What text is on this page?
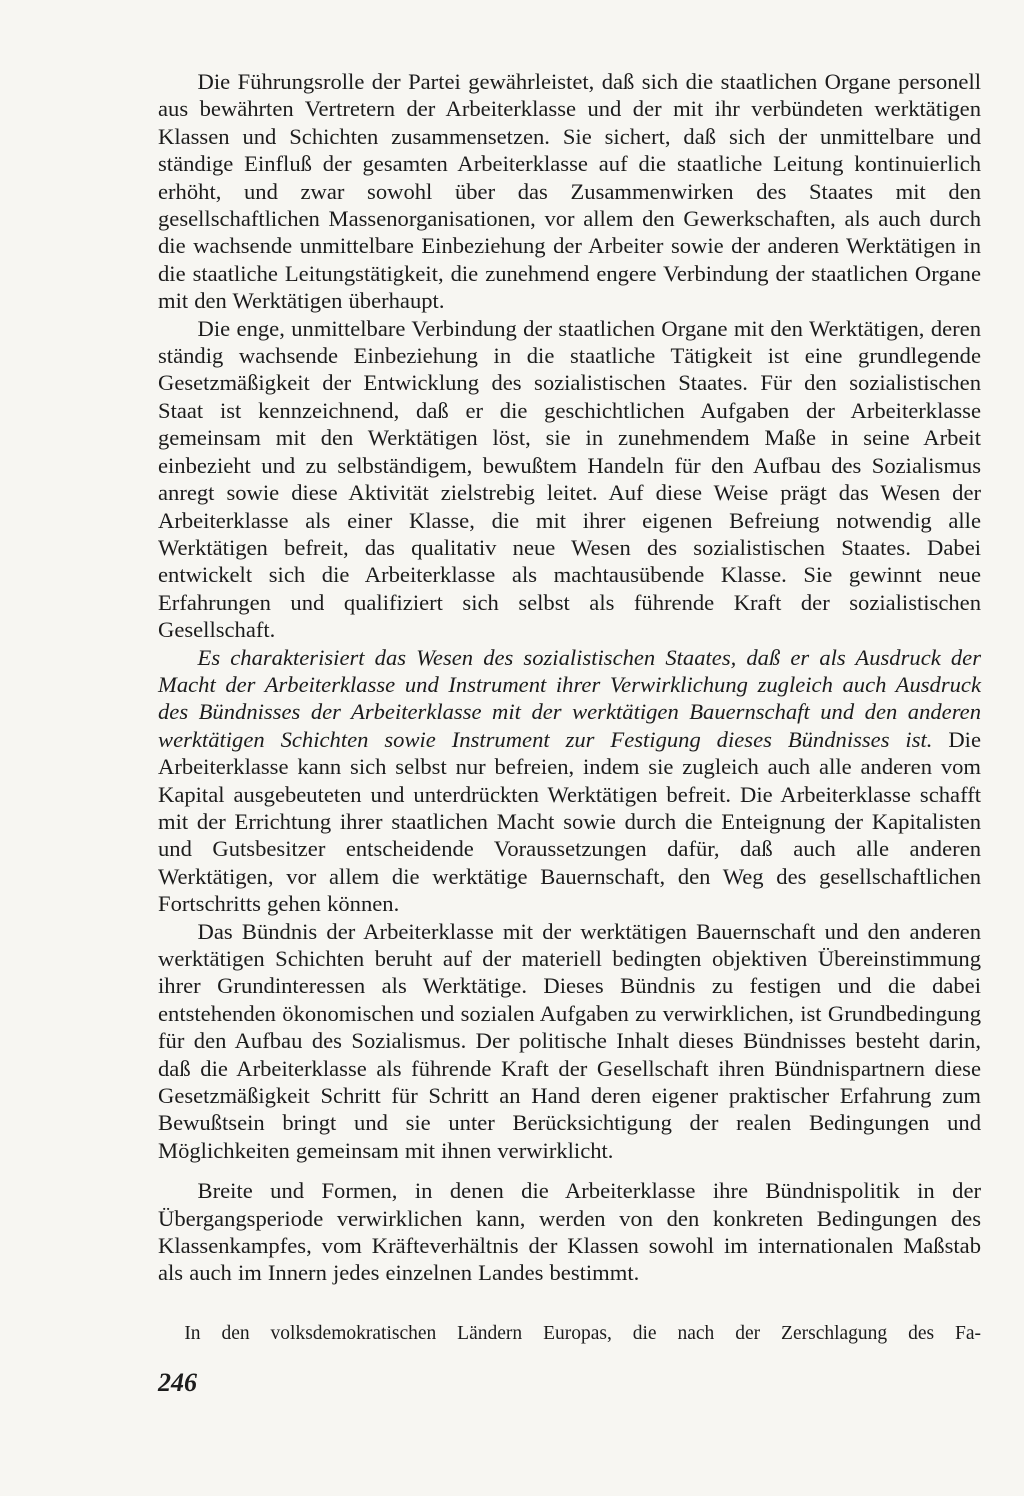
Die Führungsrolle der Partei gewährleistet, daß sich die staatlichen Organe personell aus bewährten Vertretern der Arbeiterklasse und der mit ihr verbündeten werktätigen Klassen und Schichten zusammensetzen. Sie sichert, daß sich der unmittelbare und ständige Einfluß der gesamten Arbeiterklasse auf die staatliche Leitung kontinuierlich erhöht, und zwar sowohl über das Zusammenwirken des Staates mit den gesellschaftlichen Massenorganisationen, vor allem den Gewerkschaften, als auch durch die wachsende unmittelbare Einbeziehung der Arbeiter sowie der anderen Werktätigen in die staatliche Leitungstätigkeit, die zunehmend engere Verbindung der staatlichen Organe mit den Werktätigen überhaupt.

Die enge, unmittelbare Verbindung der staatlichen Organe mit den Werktätigen, deren ständig wachsende Einbeziehung in die staatliche Tätigkeit ist eine grundlegende Gesetzmäßigkeit der Entwicklung des sozialistischen Staates. Für den sozialistischen Staat ist kennzeichnend, daß er die geschichtlichen Aufgaben der Arbeiterklasse gemeinsam mit den Werktätigen löst, sie in zunehmendem Maße in seine Arbeit einbezieht und zu selbständigem, bewußtem Handeln für den Aufbau des Sozialismus anregt sowie diese Aktivität zielstrebig leitet. Auf diese Weise prägt das Wesen der Arbeiterklasse als einer Klasse, die mit ihrer eigenen Befreiung notwendig alle Werktätigen befreit, das qualitativ neue Wesen des sozialistischen Staates. Dabei entwickelt sich die Arbeiterklasse als machtausübende Klasse. Sie gewinnt neue Erfahrungen und qualifiziert sich selbst als führende Kraft der sozialistischen Gesellschaft.

Es charakterisiert das Wesen des sozialistischen Staates, daß er als Ausdruck der Macht der Arbeiterklasse und Instrument ihrer Verwirklichung zugleich auch Ausdruck des Bündnisses der Arbeiterklasse mit der werktätigen Bauernschaft und den anderen werktätigen Schichten sowie Instrument zur Festigung dieses Bündnisses ist. Die Arbeiterklasse kann sich selbst nur befreien, indem sie zugleich auch alle anderen vom Kapital ausgebeuteten und unterdrückten Werktätigen befreit. Die Arbeiterklasse schafft mit der Errichtung ihrer staatlichen Macht sowie durch die Enteignung der Kapitalisten und Gutsbesitzer entscheidende Voraussetzungen dafür, daß auch alle anderen Werktätigen, vor allem die werktätige Bauernschaft, den Weg des gesellschaftlichen Fortschritts gehen können.

Das Bündnis der Arbeiterklasse mit der werktätigen Bauernschaft und den anderen werktätigen Schichten beruht auf der materiell bedingten objektiven Übereinstimmung ihrer Grundinteressen als Werktätige. Dieses Bündnis zu festigen und die dabei entstehenden ökonomischen und sozialen Aufgaben zu verwirklichen, ist Grundbedingung für den Aufbau des Sozialismus. Der politische Inhalt dieses Bündnisses besteht darin, daß die Arbeiterklasse als führende Kraft der Gesellschaft ihren Bündnispartnern diese Gesetzmäßigkeit Schritt für Schritt an Hand deren eigener praktischer Erfahrung zum Bewußtsein bringt und sie unter Berücksichtigung der realen Bedingungen und Möglichkeiten gemeinsam mit ihnen verwirklicht.

Breite und Formen, in denen die Arbeiterklasse ihre Bündnispolitik in der Übergangsperiode verwirklichen kann, werden von den konkreten Bedingungen des Klassenkampfes, vom Kräfteverhältnis der Klassen sowohl im internationalen Maßstab als auch im Innern jedes einzelnen Landes bestimmt.

In den volksdemokratischen Ländern Europas, die nach der Zerschlagung des Fa-

246
